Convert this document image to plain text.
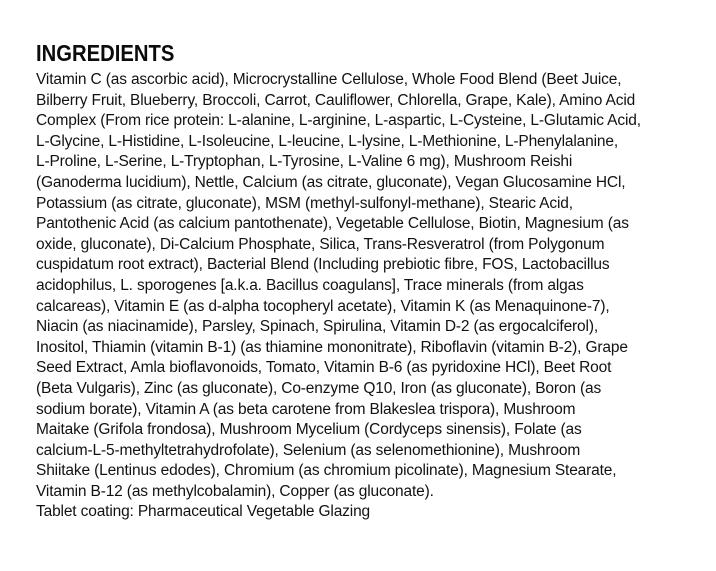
INGREDIENTS
Vitamin C (as ascorbic acid), Microcrystalline Cellulose, Whole Food Blend (Beet Juice,
Bilberry Fruit, Blueberry, Broccoli, Carrot, Cauliflower, Chlorella, Grape, Kale), Amino Acid
Complex (From rice protein: L-alanine, L-arginine, L-aspartic, L-Cysteine, L-Glutamic Acid,
L-Glycine, L-Histidine, L-Isoleucine, L-leucine, L-lysine, L-Methionine, L-Phenylalanine,
L-Proline, L-Serine, L-Tryptophan, L-Tyrosine, L-Valine 6 mg), Mushroom Reishi
(Ganoderma lucidium), Nettle, Calcium (as citrate, gluconate), Vegan Glucosamine HCl,
Potassium (as citrate, gluconate), MSM (methyl-sulfonyl-methane), Stearic Acid,
Pantothenic Acid (as calcium pantothenate), Vegetable Cellulose, Biotin, Magnesium (as
oxide, gluconate), Di-Calcium Phosphate, Silica, Trans-Resveratrol (from Polygonum
cuspidatum root extract), Bacterial Blend (Including prebiotic fibre, FOS, Lactobacillus
acidophilus, L. sporogenes [a.k.a. Bacillus coagulans], Trace minerals (from algas
calcareas), Vitamin E (as d-alpha tocopheryl acetate), Vitamin K (as Menaquinone-7),
Niacin (as niacinamide), Parsley, Spinach, Spirulina, Vitamin D-2 (as ergocalciferol),
Inositol, Thiamin (vitamin B-1) (as thiamine mononitrate), Riboflavin (vitamin B-2), Grape
Seed Extract, Amla bioflavonoids, Tomato, Vitamin B-6 (as pyridoxine HCl), Beet Root
(Beta Vulgaris), Zinc (as gluconate), Co-enzyme Q10, Iron (as gluconate), Boron (as
sodium borate), Vitamin A (as beta carotene from Blakeslea trispora), Mushroom
Maitake (Grifola frondosa), Mushroom Mycelium (Cordyceps sinensis), Folate (as
calcium-L-5-methyltetrahydrofolate), Selenium (as selenomethionine), Mushroom
Shiitake (Lentinus edodes), Chromium (as chromium picolinate), Magnesium Stearate,
Vitamin B-12 (as methylcobalamin), Copper (as gluconate).
Tablet coating: Pharmaceutical Vegetable Glazing
